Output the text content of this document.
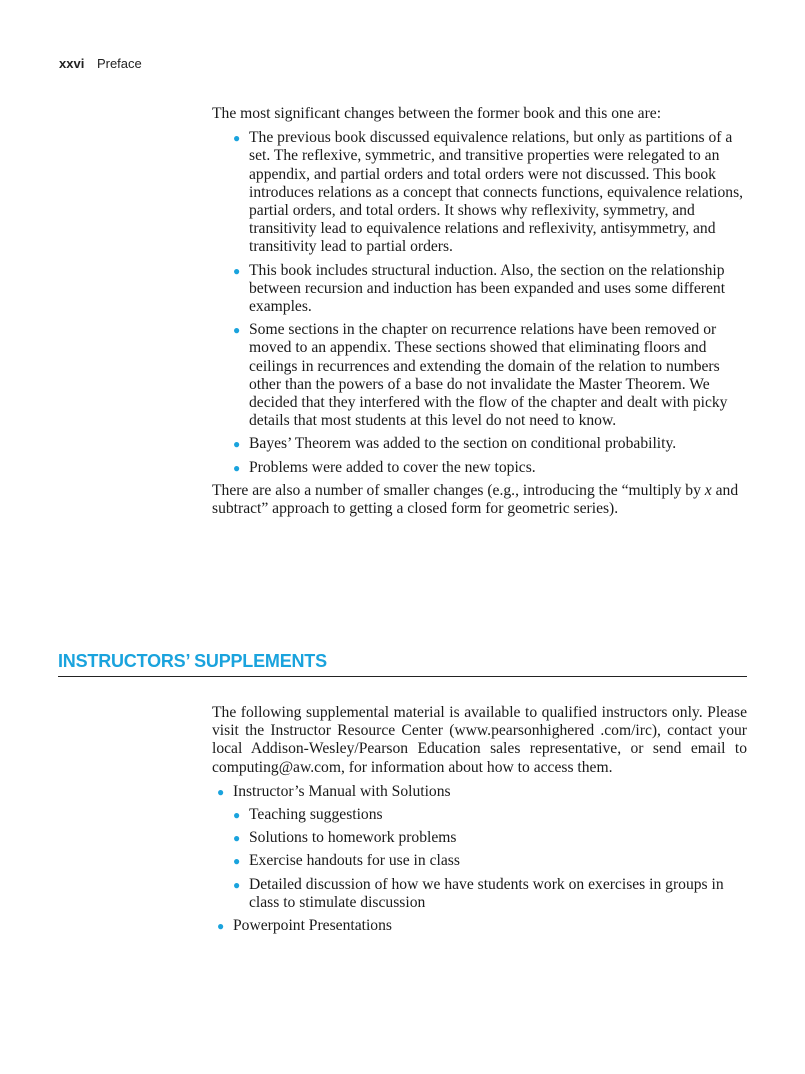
xxvi Preface

The most significant changes between the former book and this one are:

● The previous book discussed equivalence relations, but only as partitions of a set. The reflexive, symmetric, and transitive properties were relegated to an appendix, and partial orders and total orders were not discussed. This book introduces relations as a concept that connects functions, equivalence relations, partial orders, and total orders. It shows why reflexivity, symmetry, and transitivity lead to equivalence relations and reflexivity, antisymmetry, and transitivity lead to partial orders.
● This book includes structural induction. Also, the section on the relationship between recursion and induction has been expanded and uses some different examples.
● Some sections in the chapter on recurrence relations have been removed or moved to an appendix. These sections showed that eliminating floors and ceilings in recurrences and extending the domain of the relation to numbers other than the powers of a base do not invalidate the Master Theorem. We decided that they interfered with the flow of the chapter and dealt with picky details that most students at this level do not need to know.
● Bayes’ Theorem was added to the section on conditional probability.
● Problems were added to cover the new topics.

There are also a number of smaller changes (e.g., introducing the “multiply by x and subtract” approach to getting a closed form for geometric series).

INSTRUCTORS’ SUPPLEMENTS

The following supplemental material is available to qualified instructors only. Please visit the Instructor Resource Center (www.pearsonhighered .com/irc), contact your local Addison-Wesley/Pearson Education sales representative, or send email to computing@aw.com, for information about how to access them.

● Instructor’s Manual with Solutions
● Teaching suggestions
● Solutions to homework problems
● Exercise handouts for use in class
● Detailed discussion of how we have students work on exercises in groups in class to stimulate discussion
● Powerpoint Presentations
